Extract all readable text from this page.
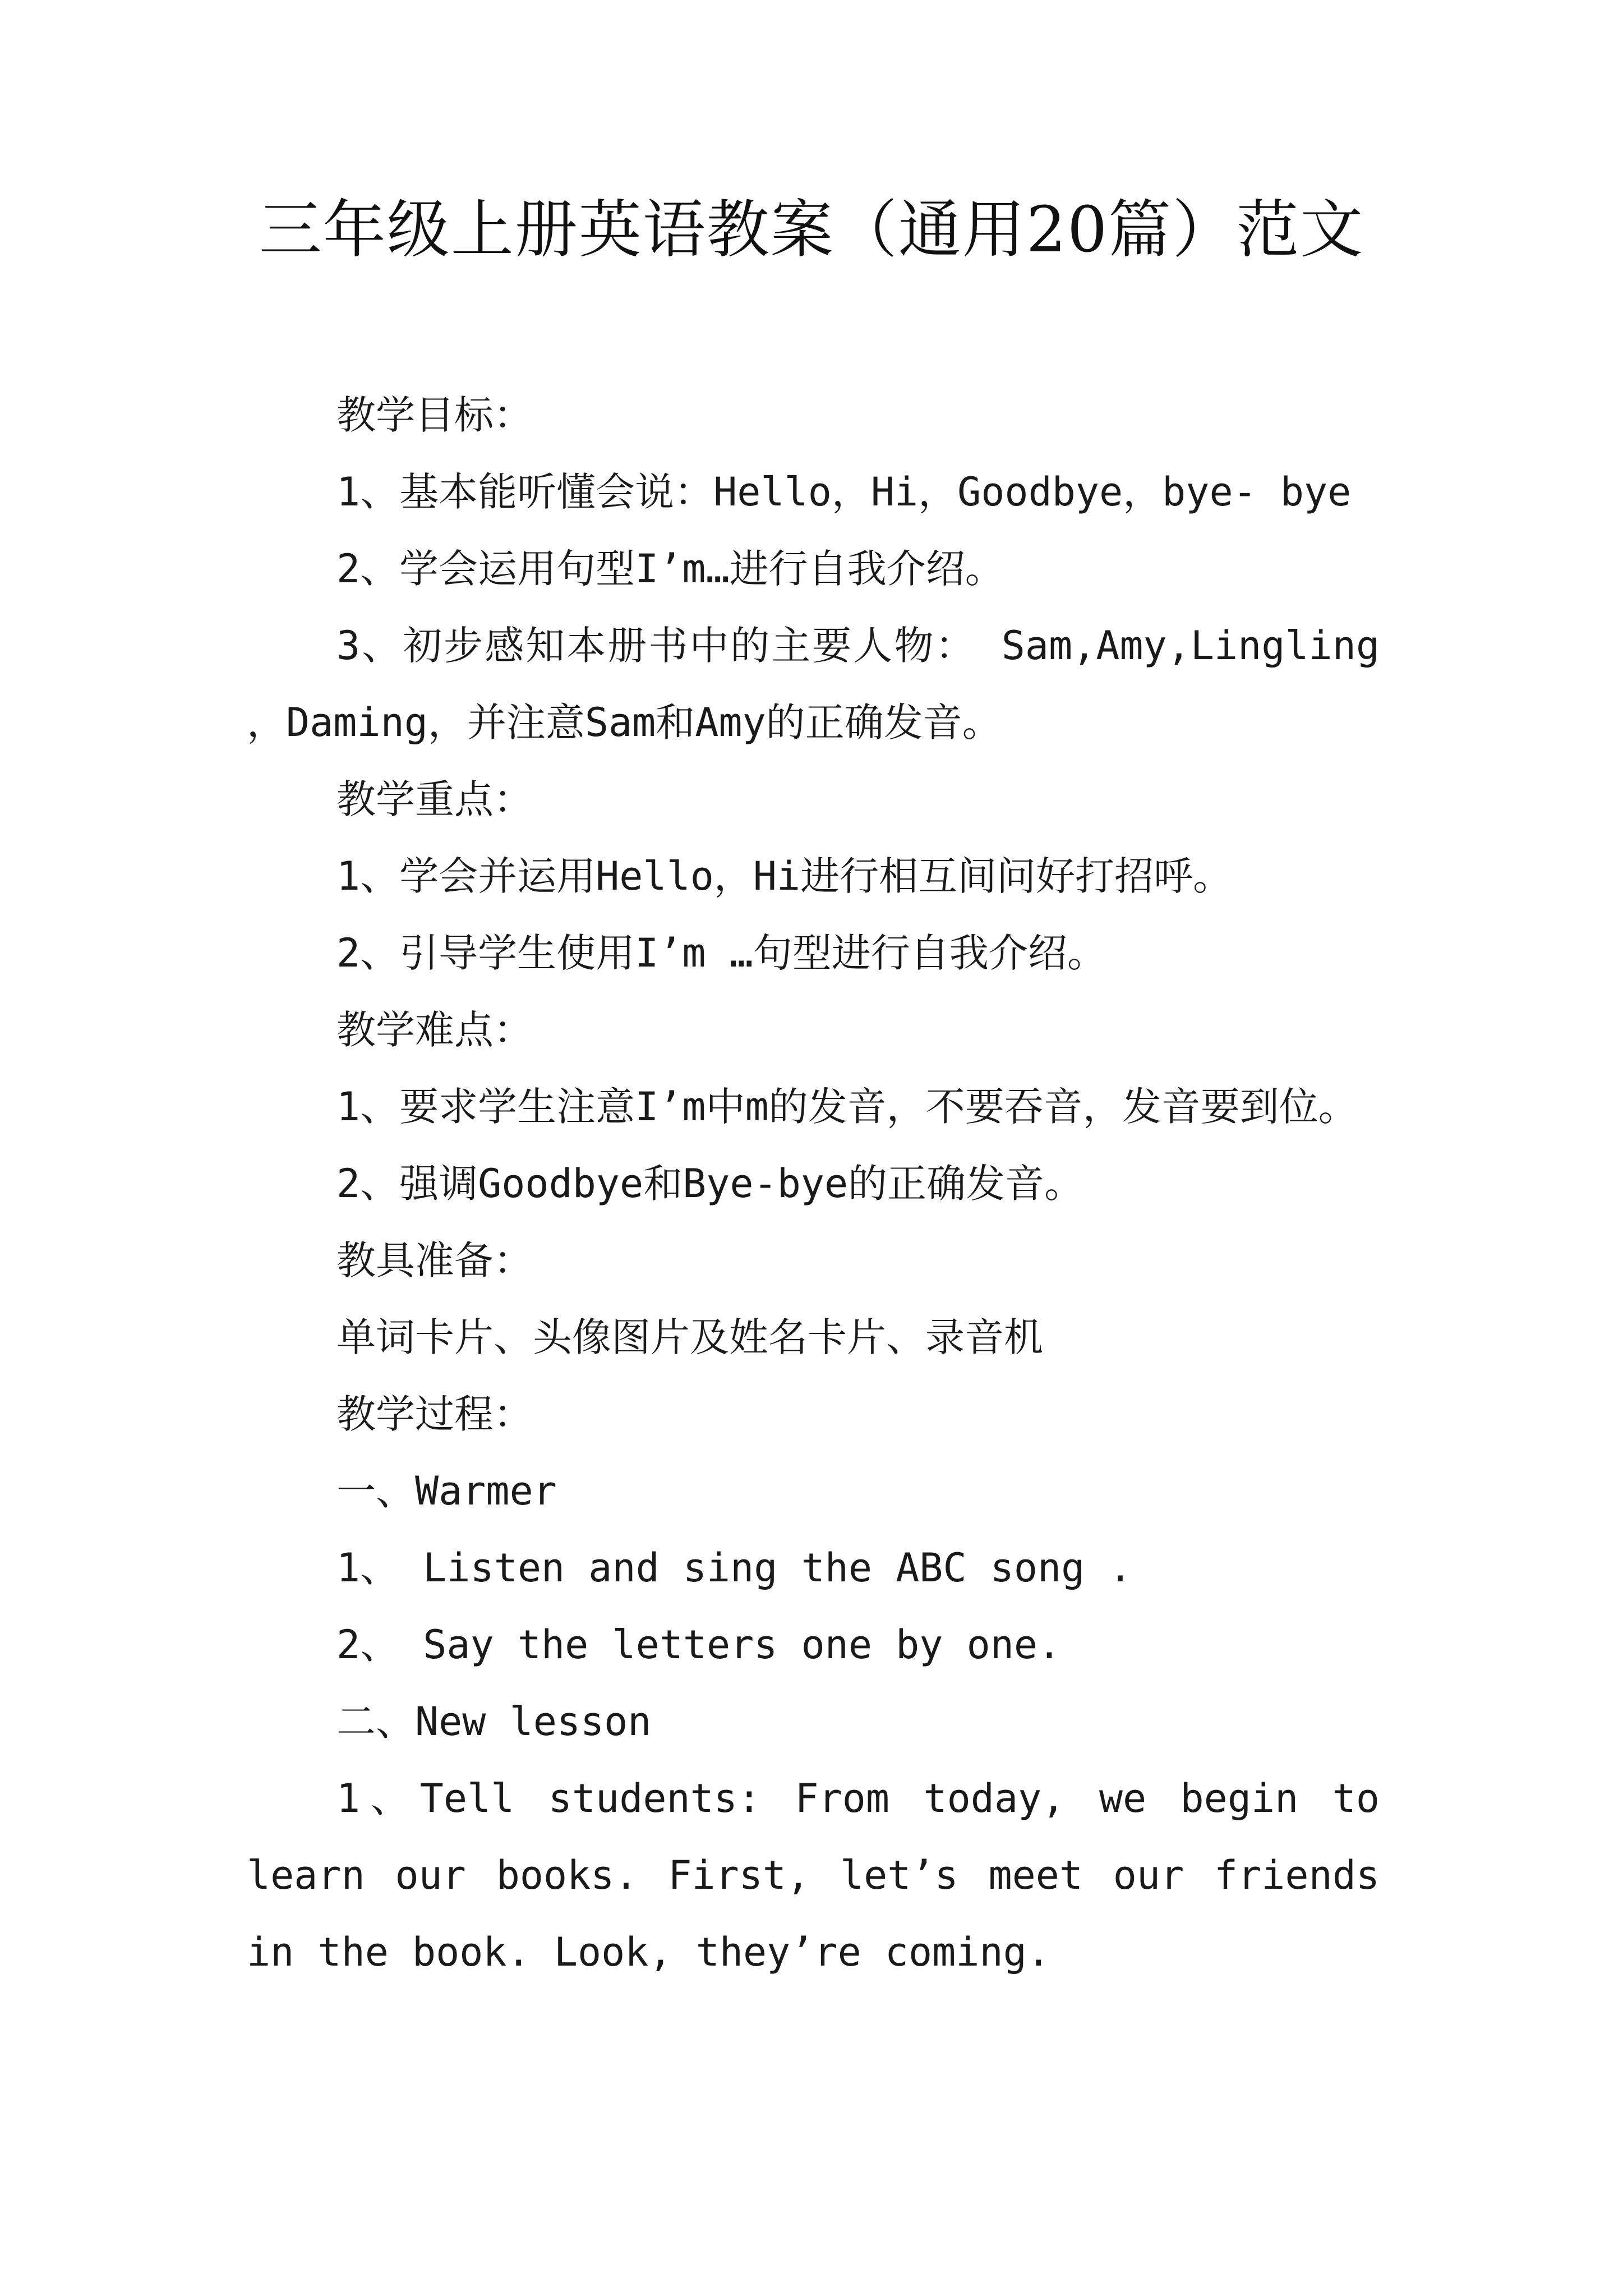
三年级上册英语教案（通用20篇）范文

教学目标：

1、基本能听懂会说：Hello，Hi，Goodbye，bye- bye

2、学会运用句型I’m…进行自我介绍。

3、初步感知本册书中的主要人物： Sam,Amy,Lingling ，Daming，并注意Sam和Amy的正确发音。

教学重点：

1、学会并运用Hello，Hi进行相互间问好打招呼。

2、引导学生使用I’m …句型进行自我介绍。

教学难点：

1、要求学生注意I’m中m的发音，不要吞音，发音要到位。

2、强调Goodbye和Bye-bye的正确发音。

教具准备：

单词卡片、头像图片及姓名卡片、录音机

教学过程：

一、Warmer

1、 Listen and sing the ABC song .

2、 Say the letters one by one.

二、New lesson

1、Tell students: From today, we begin to learn our books. First, let’s meet our friends in the book. Look, they’re coming.
